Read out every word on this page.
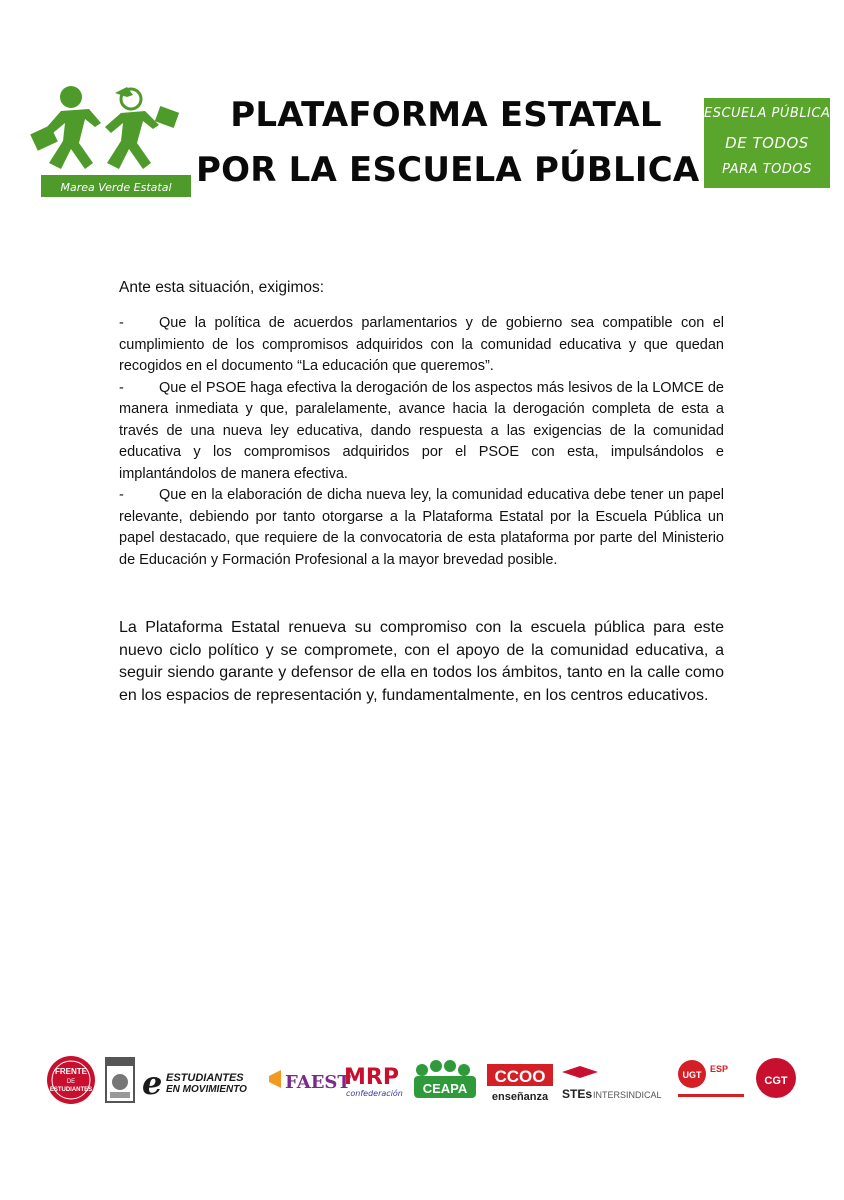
Marea Verde Estatal
PLATAFORMA ESTATAL
POR LA ESCUELA PÚBLICA
ESCUELA PÚBLICA
DE TODOS
PARA TODOS
Ante esta situación, exigimos:
-	Que la política de acuerdos parlamentarios y de gobierno sea compatible con el cumplimiento de los compromisos adquiridos con la comunidad educativa y que quedan recogidos en el documento “La educación que queremos”.
-	Que el PSOE haga efectiva la derogación de los aspectos más lesivos de la LOMCE de manera inmediata y que, paralelamente, avance hacia la derogación completa de esta a través de una nueva ley educativa, dando respuesta a las exigencias de la comunidad educativa y los compromisos adquiridos por el PSOE con esta, impulsándolos e implantándolos de manera efectiva.
-	Que en la elaboración de dicha nueva ley, la comunidad educativa debe tener un papel relevante, debiendo por tanto otorgarse a la Plataforma Estatal por la Escuela Pública un papel destacado, que requiere de la convocatoria de esta plataforma por parte del Ministerio de Educación y Formación Profesional a la mayor brevedad posible.
La Plataforma Estatal renueva su compromiso con la escuela pública para este nuevo ciclo político y se compromete, con el apoyo de la comunidad educativa, a seguir siendo garante y defensor de ella en todos los ámbitos, tanto en la calle como en los espacios de representación y, fundamentalmente, en los centros educativos.
FRENTE
DE
ESTUDIANTES e ESTUDIANTES
EN MOVIMIENTO FAEST
MRP
confederación CEAPA
CCOO
enseñanza STEs
·INTERSINDICAL
UGT
ESP
CGT
